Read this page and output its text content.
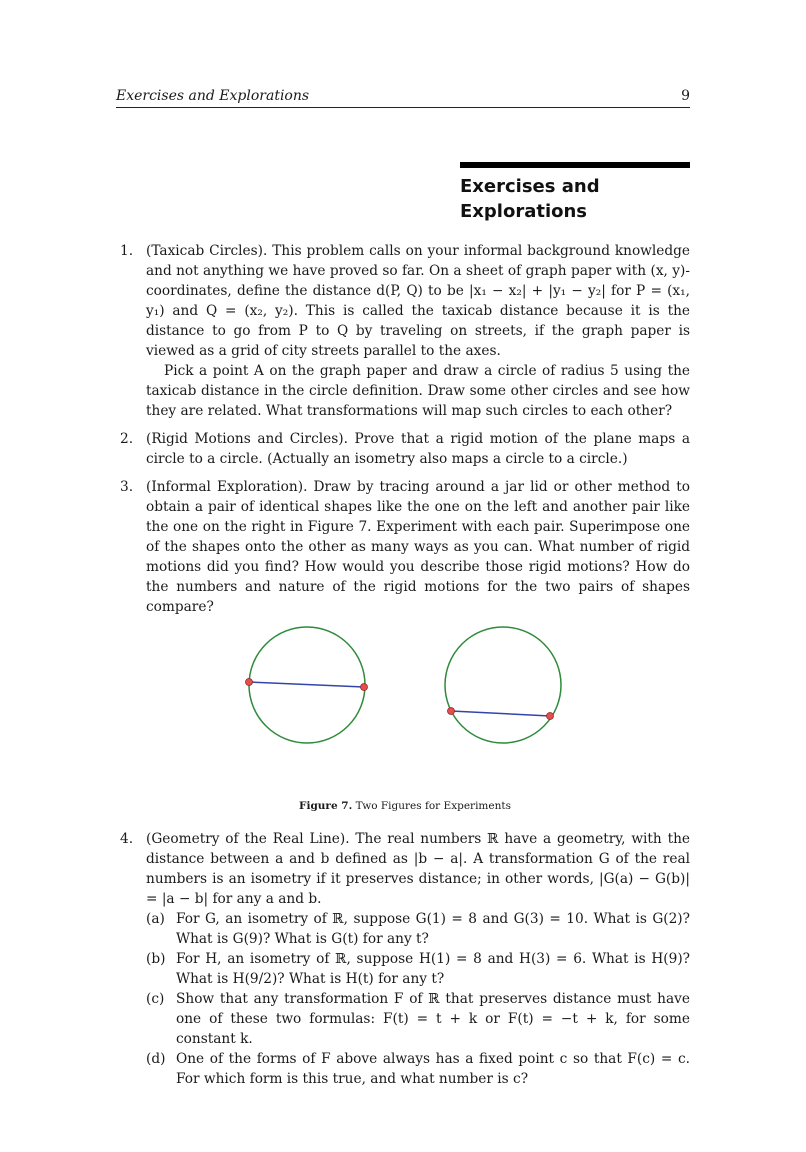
Exercises and Explorations	9
Exercises and
Explorations
1. (Taxicab Circles). This problem calls on your informal background knowledge and not anything we have proved so far. On a sheet of graph paper with (x, y)-coordinates, define the distance d(P, Q) to be |x₁ − x₂| + |y₁ − y₂| for P = (x₁, y₁) and Q = (x₂, y₂). This is called the taxicab distance because it is the distance to go from P to Q by traveling on streets, if the graph paper is viewed as a grid of city streets parallel to the axes.

Pick a point A on the graph paper and draw a circle of radius 5 using the taxicab distance in the circle definition. Draw some other circles and see how they are related. What transformations will map such circles to each other?

2. (Rigid Motions and Circles). Prove that a rigid motion of the plane maps a circle to a circle. (Actually an isometry also maps a circle to a circle.)

3. (Informal Exploration). Draw by tracing around a jar lid or other method to obtain a pair of identical shapes like the one on the left and another pair like the one on the right in Figure 7. Experiment with each pair. Superimpose one of the shapes onto the other as many ways as you can. What number of rigid motions did you find? How would you describe those rigid motions? How do the numbers and nature of the rigid motions for the two pairs of shapes compare?

Figure 7. Two Figures for Experiments
4. (Geometry of the Real Line). The real numbers ℝ have a geometry, with the distance between a and b defined as |b − a|. A transformation G of the real numbers is an isometry if it preserves distance; in other words, |G(a) − G(b)| = |a − b| for any a and b.

(a) For G, an isometry of ℝ, suppose G(1) = 8 and G(3) = 10. What is G(2)? What is G(9)? What is G(t) for any t?
(b) For H, an isometry of ℝ, suppose H(1) = 8 and H(3) = 6. What is H(9)? What is H(9/2)? What is H(t) for any t?
(c) Show that any transformation F of ℝ that preserves distance must have one of these two formulas: F(t) = t + k or F(t) = −t + k, for some constant k.
(d) One of the forms of F above always has a fixed point c so that F(c) = c. For which form is this true, and what number is c?
